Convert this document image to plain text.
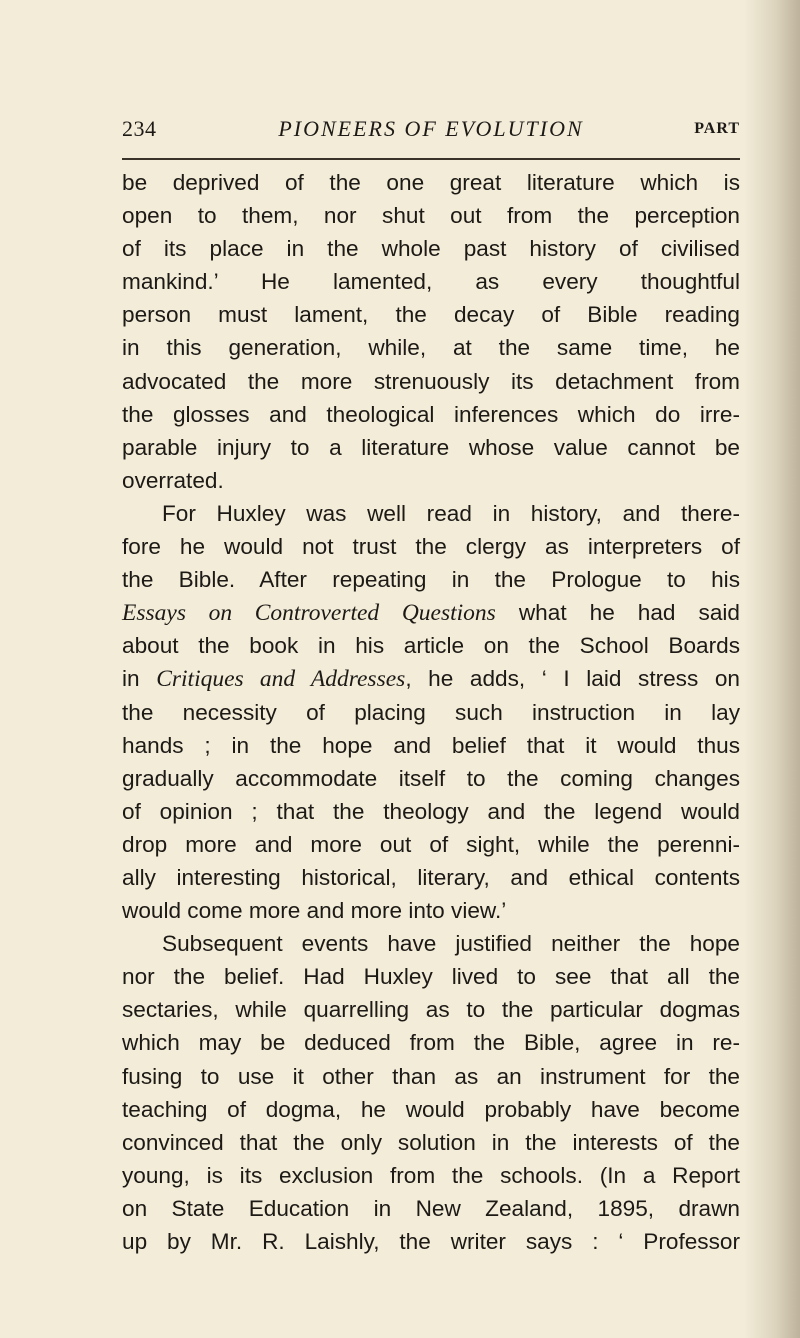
234	PIONEERS OF EVOLUTION	PART
be deprived of the one great literature which is
open to them, nor shut out from the perception
of its place in the whole past history of civilised
mankind.’ He lamented, as every thoughtful
person must lament, the decay of Bible reading
in this generation, while, at the same time, he
advocated the more strenuously its detachment from
the glosses and theological inferences which do irre-
parable injury to a literature whose value cannot be
overrated.
For Huxley was well read in history, and there-
fore he would not trust the clergy as interpreters of
the Bible. After repeating in the Prologue to his
Essays on Controverted Questions what he had said
about the book in his article on the School Boards
in Critiques and Addresses, he adds, ‘ I laid stress on
the necessity of placing such instruction in lay
hands ; in the hope and belief that it would thus
gradually accommodate itself to the coming changes
of opinion ; that the theology and the legend would
drop more and more out of sight, while the perenni-
ally interesting historical, literary, and ethical contents
would come more and more into view.’
Subsequent events have justified neither the hope
nor the belief. Had Huxley lived to see that all the
sectaries, while quarrelling as to the particular dogmas
which may be deduced from the Bible, agree in re-
fusing to use it other than as an instrument for the
teaching of dogma, he would probably have become
convinced that the only solution in the interests of the
young, is its exclusion from the schools. (In a Report
on State Education in New Zealand, 1895, drawn
up by Mr. R. Laishly, the writer says : ‘ Professor
